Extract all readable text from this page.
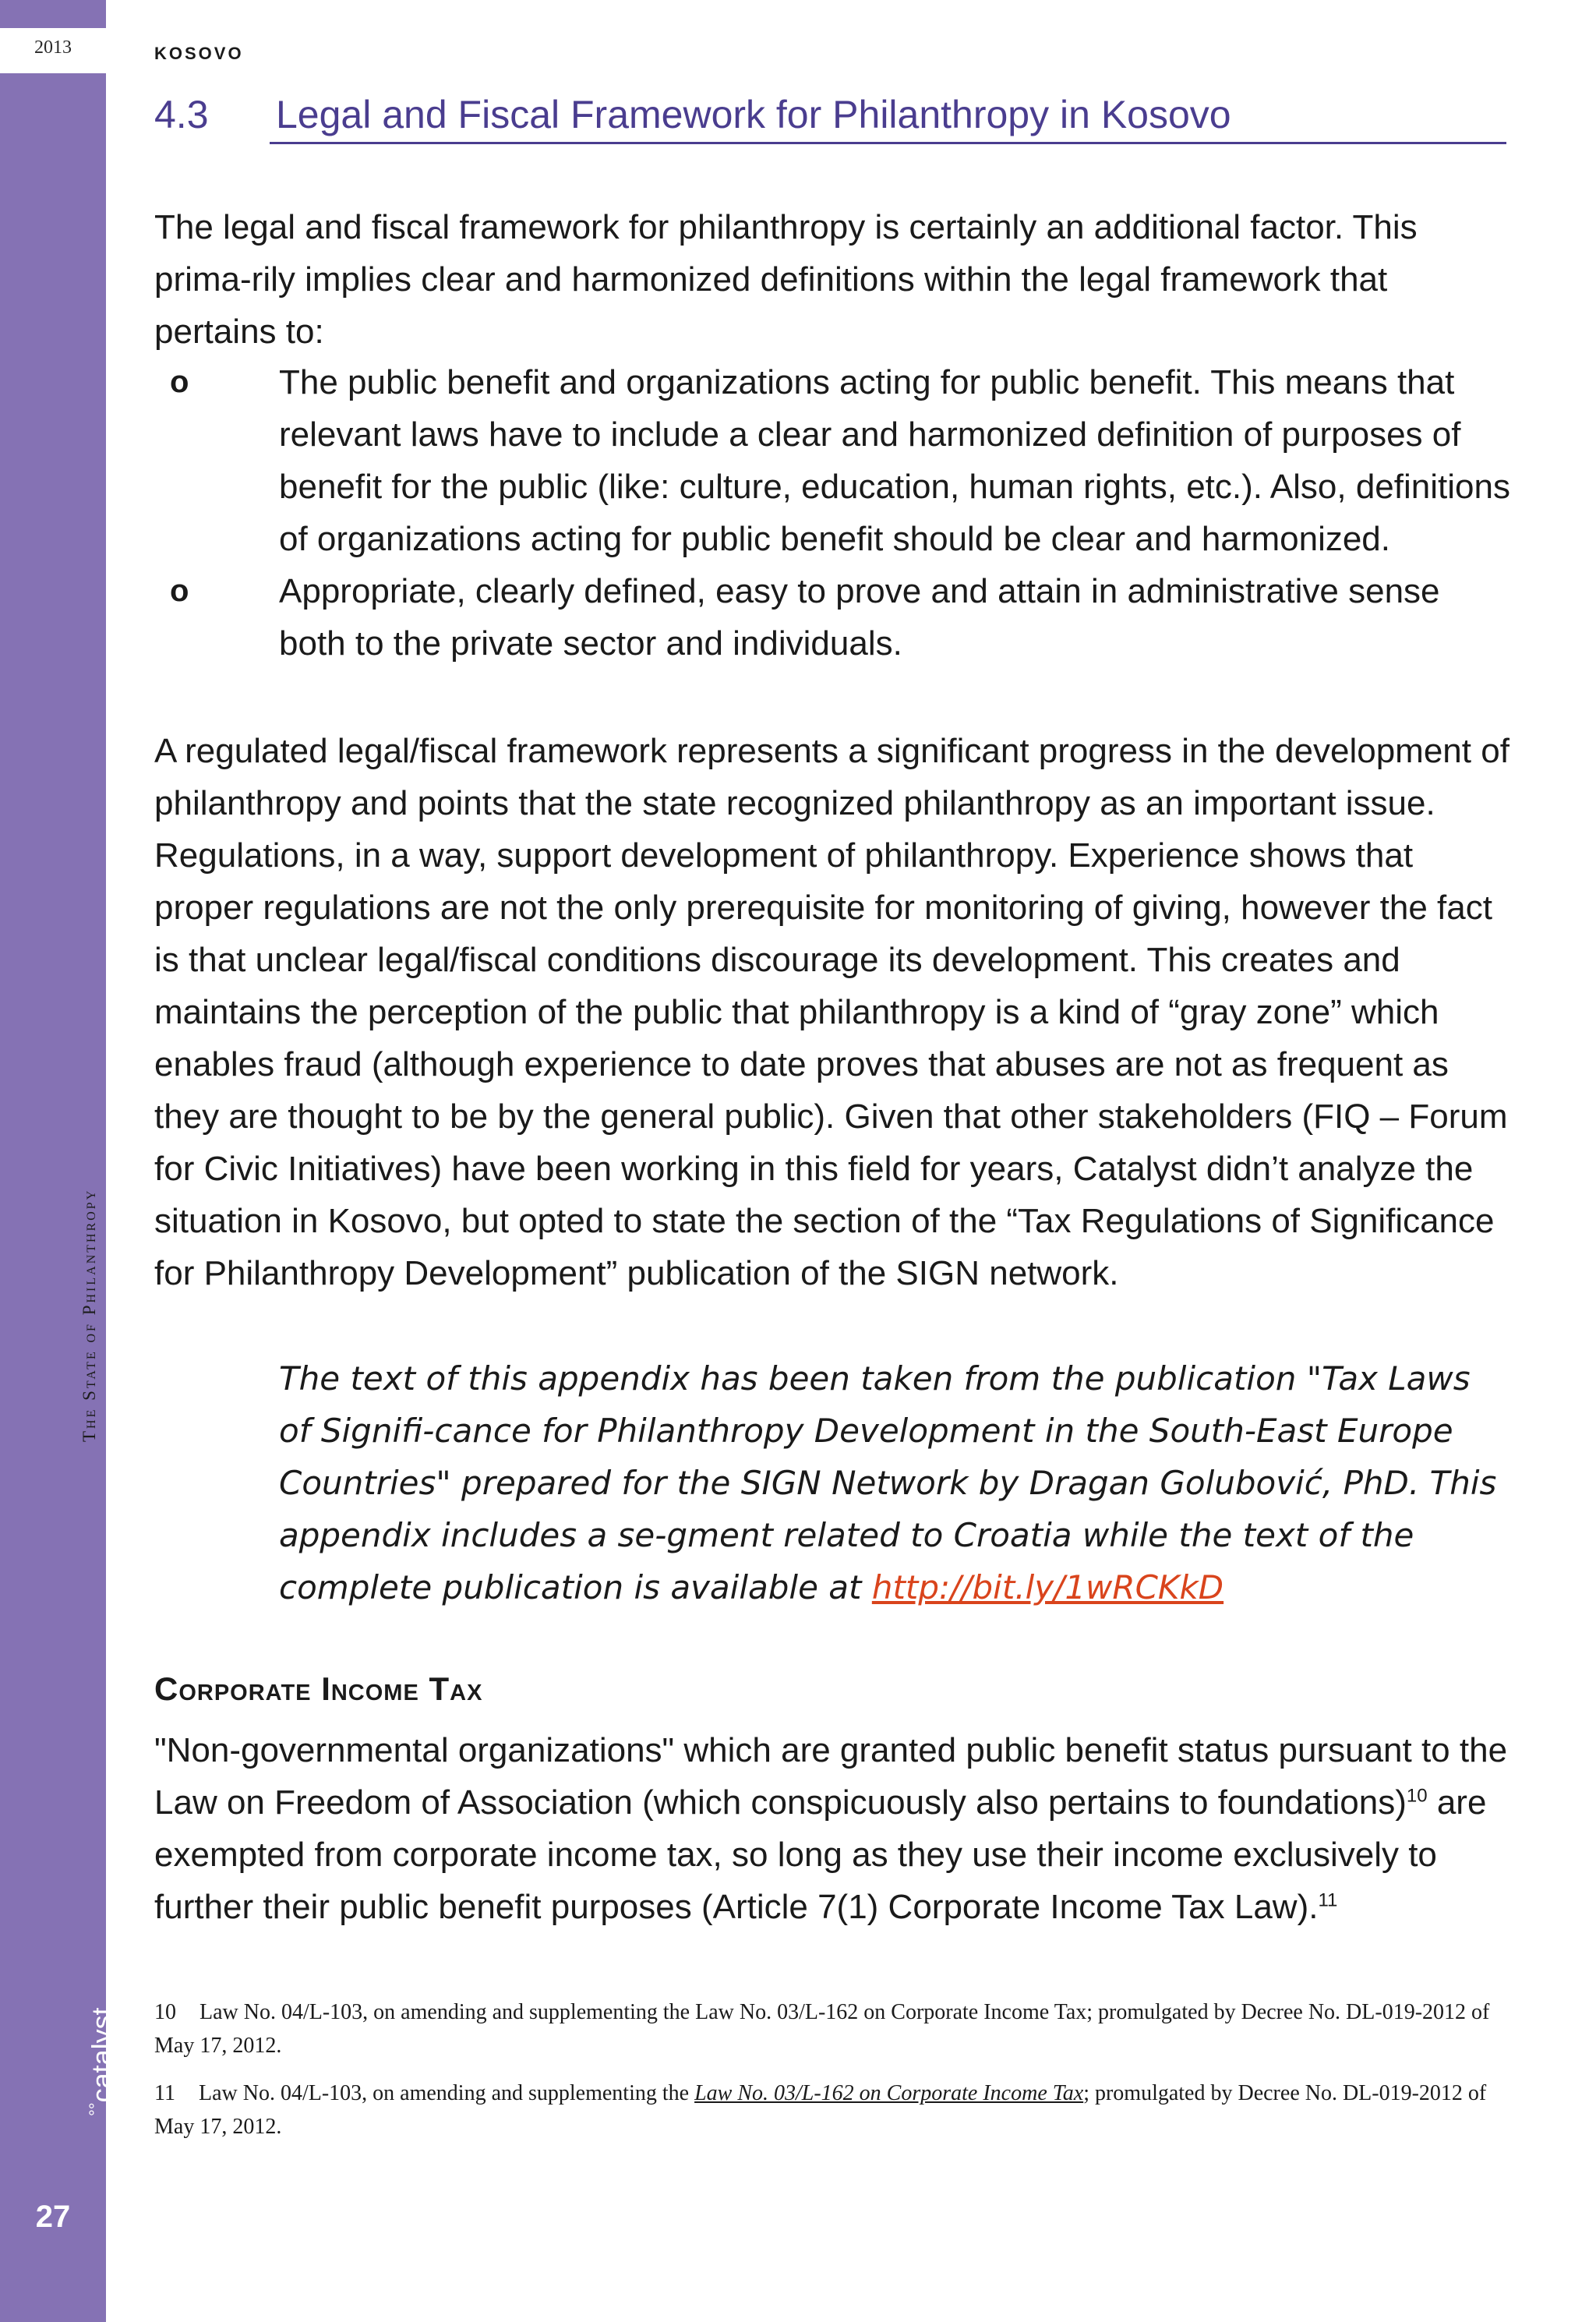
2013
The State of Philanthropy
°°catalyst
27
KOSOVO
4.3 Legal and Fiscal Framework for Philanthropy in Kosovo

The legal and fiscal framework for philanthropy is certainly an additional factor. This prima-rily implies clear and harmonized definitions within the legal framework that pertains to:

o	The public benefit and organizations acting for public benefit. This means that relevant laws have to include a clear and harmonized definition of purposes of benefit for the public (like: culture, education, human rights, etc.). Also, definitions of organizations acting for public benefit should be clear and harmonized.
o	Appropriate, clearly defined, easy to prove and attain in administrative sense both to the private sector and individuals.

A regulated legal/fiscal framework represents a significant progress in the development of philanthropy and points that the state recognized philanthropy as an important issue. Regulations, in a way, support development of philanthropy. Experience shows that proper regulations are not the only prerequisite for monitoring of giving, however the fact is that unclear legal/fiscal conditions discourage its development. This creates and maintains the perception of the public that philanthropy is a kind of “gray zone” which enables fraud (although experience to date proves that abuses are not as frequent as they are thought to be by the general public). Given that other stakeholders (FIQ – Forum for Civic Initiatives) have been working in this field for years, Catalyst didn’t analyze the situation in Kosovo, but opted to state the section of the “Tax Regulations of Significance for Philanthropy Development” publication of the SIGN network.

The text of this appendix has been taken from the publication "Tax Laws of Signifi-cance for Philanthropy Development in the South-East Europe Countries" prepared for the SIGN Network by Dragan Golubović, PhD. This appendix includes a se-gment related to Croatia while the text of the complete publication is available at http://bit.ly/1wRCKkD
Corporate Income Tax

"Non-governmental organizations" which are granted public benefit status pursuant to the Law on Freedom of Association (which conspicuously also pertains to foundations)$^{10}$ are exempted from corporate income tax, so long as they use their income exclusively to further their public benefit purposes (Article 7(1) Corporate Income Tax Law).$^{11}$

10 Law No. 04/L-103, on amending and supplementing the Law No. 03/L-162 on Corporate Income Tax; promulgated by Decree No. DL-019-2012 of May 17, 2012.

11 Law No. 04/L-103, on amending and supplementing the Law No. 03/L-162 on Corporate Income Tax; promulgated by Decree No. DL-019-2012 of May 17, 2012.
